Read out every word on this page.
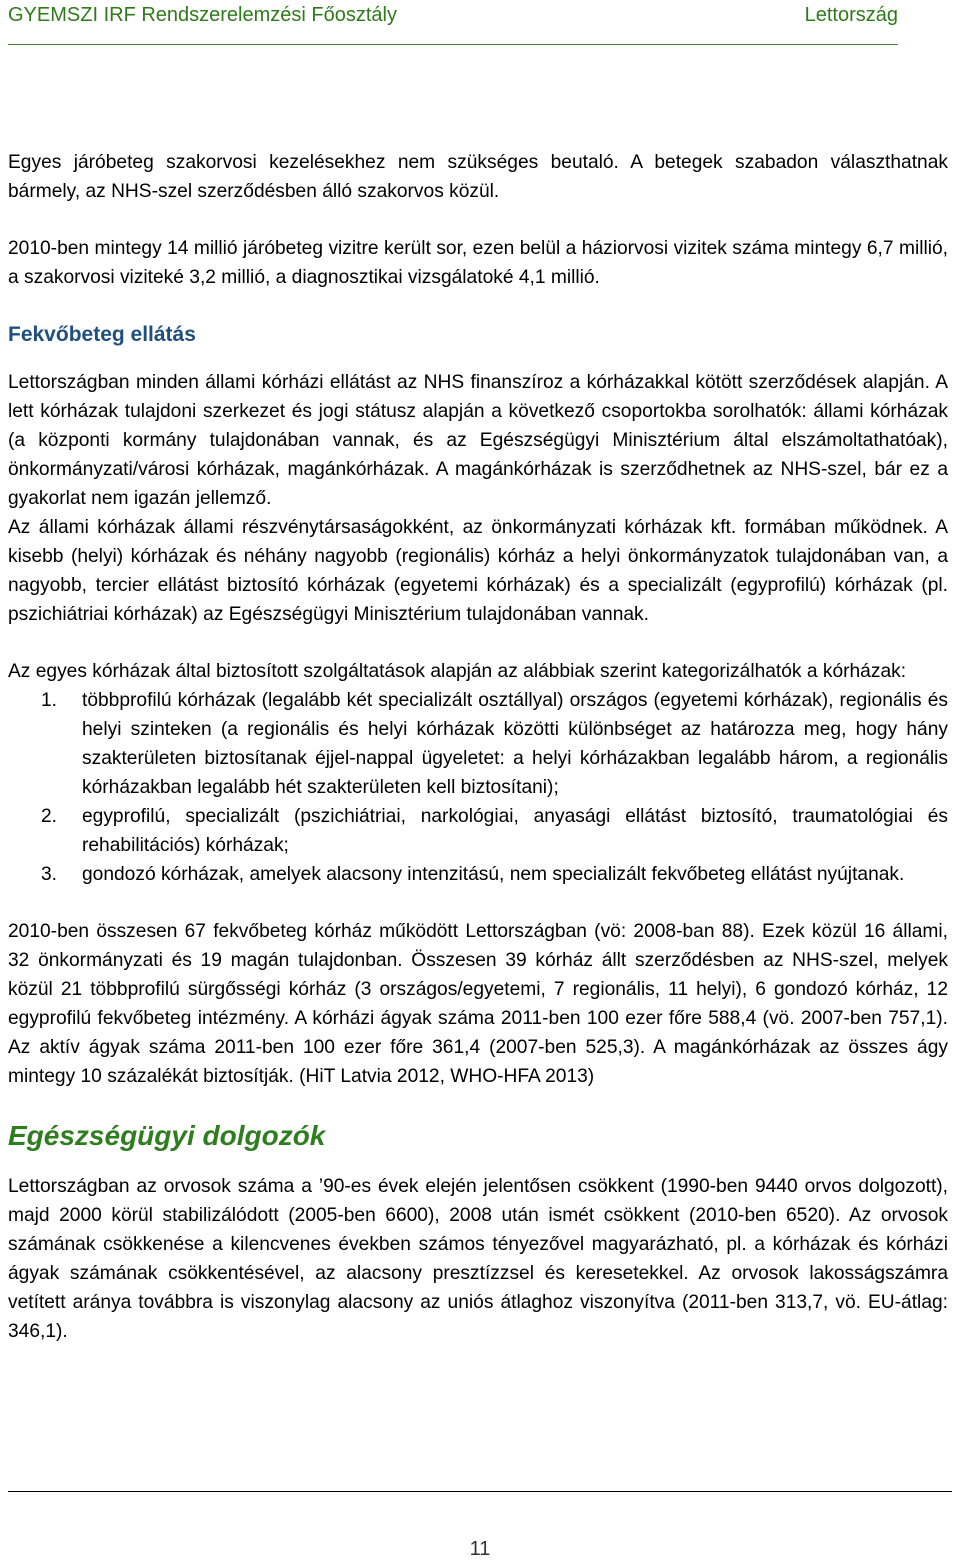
GYEMSZI IRF Rendszerelemzési Főosztály	Lettország

Egyes járóbeteg szakorvosi kezelésekhez nem szükséges beutaló. A betegek szabadon választhatnak bármely, az NHS-szel szerződésben álló szakorvos közül.

2010-ben mintegy 14 millió járóbeteg vizitre került sor, ezen belül a háziorvosi vizitek száma mintegy 6,7 millió, a szakorvosi viziteké 3,2 millió, a diagnosztikai vizsgálatoké 4,1 millió.

Fekvőbeteg ellátás

Lettországban minden állami kórházi ellátást az NHS finanszíroz a kórházakkal kötött szerződések alapján. A lett kórházak tulajdoni szerkezet és jogi státusz alapján a következő csoportokba sorolhatók: állami kórházak (a központi kormány tulajdonában vannak, és az Egészségügyi Minisztérium által elszámoltathatóak), önkormányzati/városi kórházak, magánkórházak. A magánkórházak is szerződhetnek az NHS-szel, bár ez a gyakorlat nem igazán jellemző.

Az állami kórházak állami részvénytársaságokként, az önkormányzati kórházak kft. formában működnek. A kisebb (helyi) kórházak és néhány nagyobb (regionális) kórház a helyi önkormányzatok tulajdonában van, a nagyobb, tercier ellátást biztosító kórházak (egyetemi kórházak) és a specializált (egyprofilú) kórházak (pl. pszichiátriai kórházak) az Egészségügyi Minisztérium tulajdonában vannak.

Az egyes kórházak által biztosított szolgáltatások alapján az alábbiak szerint kategorizálhatók a kórházak:

1. többprofilú kórházak (legalább két specializált osztállyal) országos (egyetemi kórházak), regionális és helyi szinteken (a regionális és helyi kórházak közötti különbséget az határozza meg, hogy hány szakterületen biztosítanak éjjel-nappal ügyeletet: a helyi kórházakban legalább három, a regionális kórházakban legalább hét szakterületen kell biztosítani);
2. egyprofilú, specializált (pszichiátriai, narkológiai, anyasági ellátást biztosító, traumatológiai és rehabilitációs) kórházak;
3. gondozó kórházak, amelyek alacsony intenzitású, nem specializált fekvőbeteg ellátást nyújtanak.

2010-ben összesen 67 fekvőbeteg kórház működött Lettországban (vö: 2008-ban 88). Ezek közül 16 állami, 32 önkormányzati és 19 magán tulajdonban. Összesen 39 kórház állt szerződésben az NHS-szel, melyek közül 21 többprofilú sürgősségi kórház (3 országos/egyetemi, 7 regionális, 11 helyi), 6 gondozó kórház, 12 egyprofilú fekvőbeteg intézmény. A kórházi ágyak száma 2011-ben 100 ezer főre 588,4 (vö. 2007-ben 757,1). Az aktív ágyak száma 2011-ben 100 ezer főre 361,4 (2007-ben 525,3). A magánkórházak az összes ágy mintegy 10 százalékát biztosítják. (HiT Latvia 2012, WHO-HFA 2013)

Egészségügyi dolgozók

Lettországban az orvosok száma a ’90-es évek elején jelentősen csökkent (1990-ben 9440 orvos dolgozott), majd 2000 körül stabilizálódott (2005-ben 6600), 2008 után ismét csökkent (2010-ben 6520). Az orvosok számának csökkenése a kilencvenes években számos tényezővel magyarázható, pl. a kórházak és kórházi ágyak számának csökkentésével, az alacsony presztízzsel és keresetekkel. Az orvosok lakosságszámra vetített aránya továbbra is viszonylag alacsony az uniós átlaghoz viszonyítva (2011-ben 313,7, vö. EU-átlag: 346,1).

11
